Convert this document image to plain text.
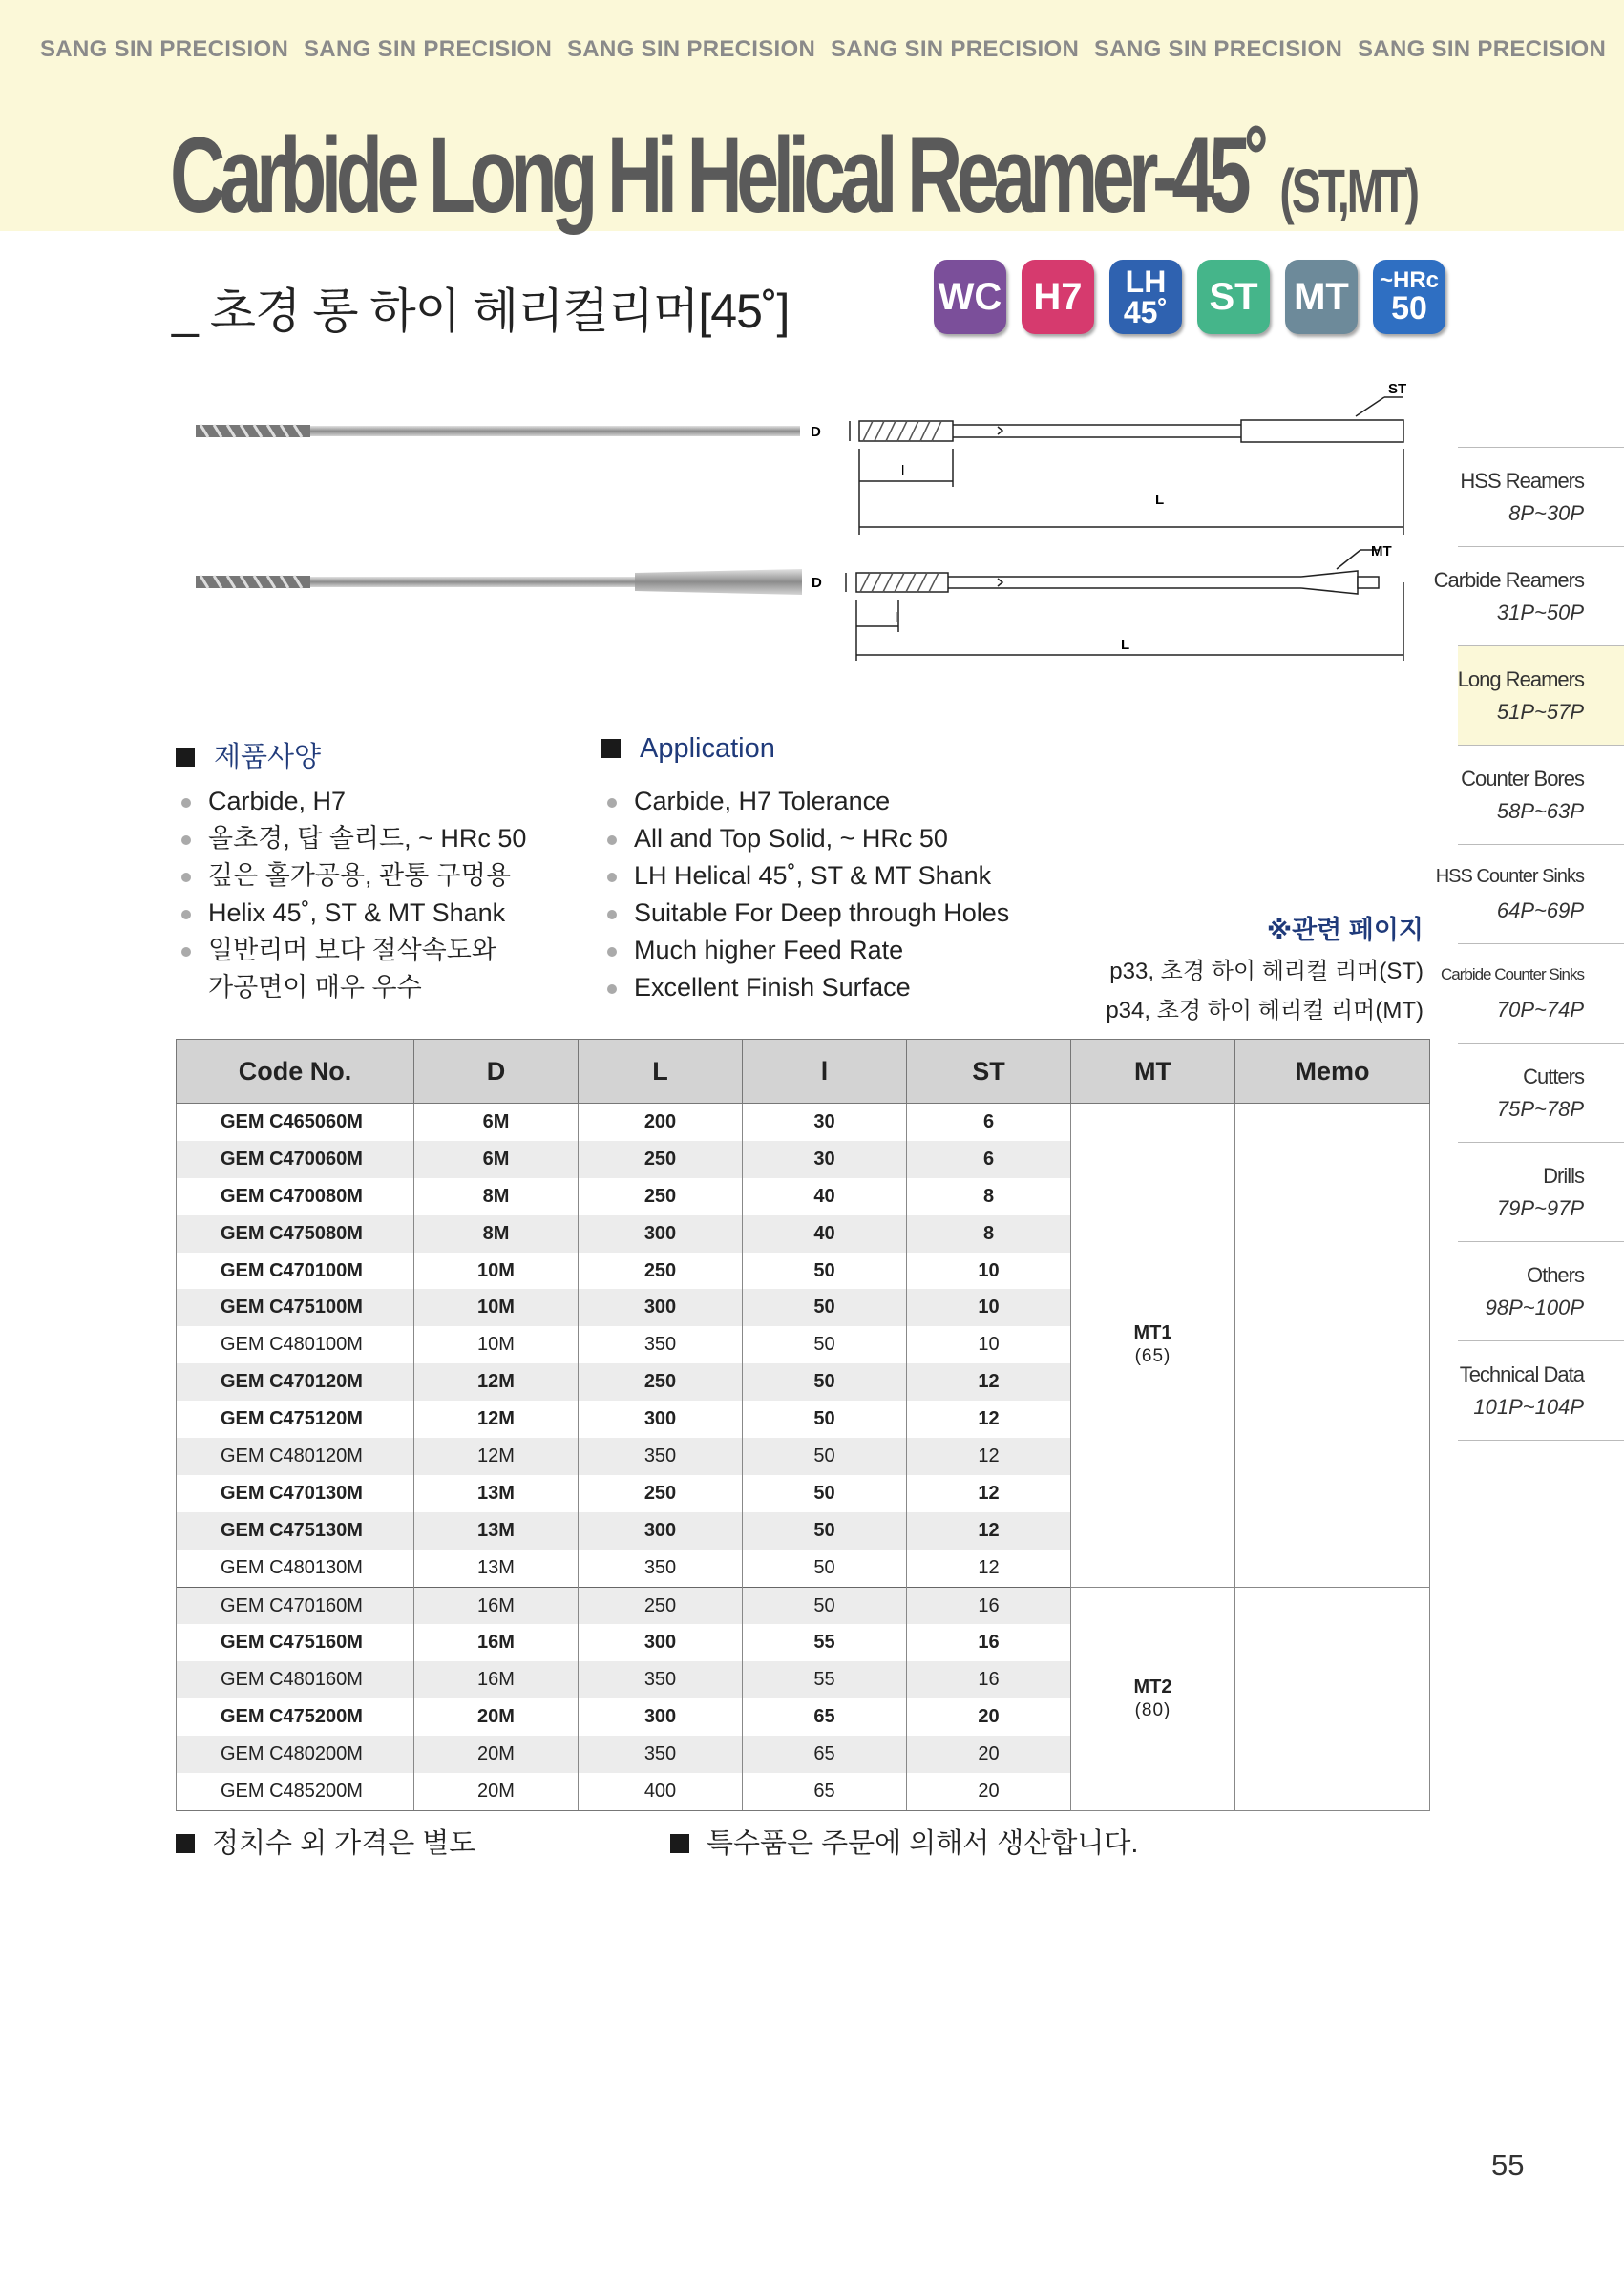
SANG SIN PRECISION SANG SIN PRECISION SANG SIN PRECISION SANG SIN PRECISION SANG SIN PRECISION SANG SIN PRECISION
Carbide Long Hi Helical Reamer-45˚ (ST,MT)
_ 초경 롱 하이 헤리컬리머[45˚]	WC H7 LH
45˚ ST MT ~HRc
50
ST
D
l
L
MT
D
l
L
HSS Reamers
8P~30P
Carbide Reamers
31P~50P
Long Reamers
51P~57P
Counter Bores
58P~63P
HSS Counter Sinks
64P~69P
Carbide Counter Sinks
70P~74P
Cutters
75P~78P
Drills
79P~97P
Others
98P~100P
Technical Data
101P~104P
제품사양
Carbide, H7
올초경, 탑 솔리드, ~ HRc 50
깊은 홀가공용, 관통 구멍용
Helix 45˚, ST & MT Shank
일반리머 보다 절삭속도와
가공면이 매우 우수
Application
Carbide, H7 Tolerance
All and Top Solid, ~ HRc 50
LH Helical 45˚, ST & MT Shank
Suitable For Deep through Holes
Much higher Feed Rate
Excellent Finish Surface
※관련 페이지
p33, 초경 하이 헤리컬 리머(ST)
p34, 초경 하이 헤리컬 리머(MT)
Code No.	D	L	l	ST	MT	Memo
GEM C465060M	6M	200	30	6	MT1
(65)	

GEM C470060M	6M	250	30	6		
GEM C470080M	8M	250	40	8		
GEM C475080M	8M	300	40	8		
GEM C470100M	10M	250	50	10		
GEM C475100M	10M	300	50	10		
GEM C480100M	10M	350	50	10		
GEM C470120M	12M	250	50	12		
GEM C475120M	12M	300	50	12		
GEM C480120M	12M	350	50	12		
GEM C470130M	13M	250	50	12		
GEM C475130M	13M	300	50	12		
GEM C480130M	13M	350	50	12		
GEM C470160M	16M	250	50	16	MT2
(80)	

GEM C475160M	16M	300	55	16		
GEM C480160M	16M	350	55	16		
GEM C475200M	20M	300	65	20		
GEM C480200M	20M	350	65	20		
GEM C485200M	20M	400	65	20		
정치수 외 가격은 별도	특수품은 주문에 의해서 생산합니다.
55
